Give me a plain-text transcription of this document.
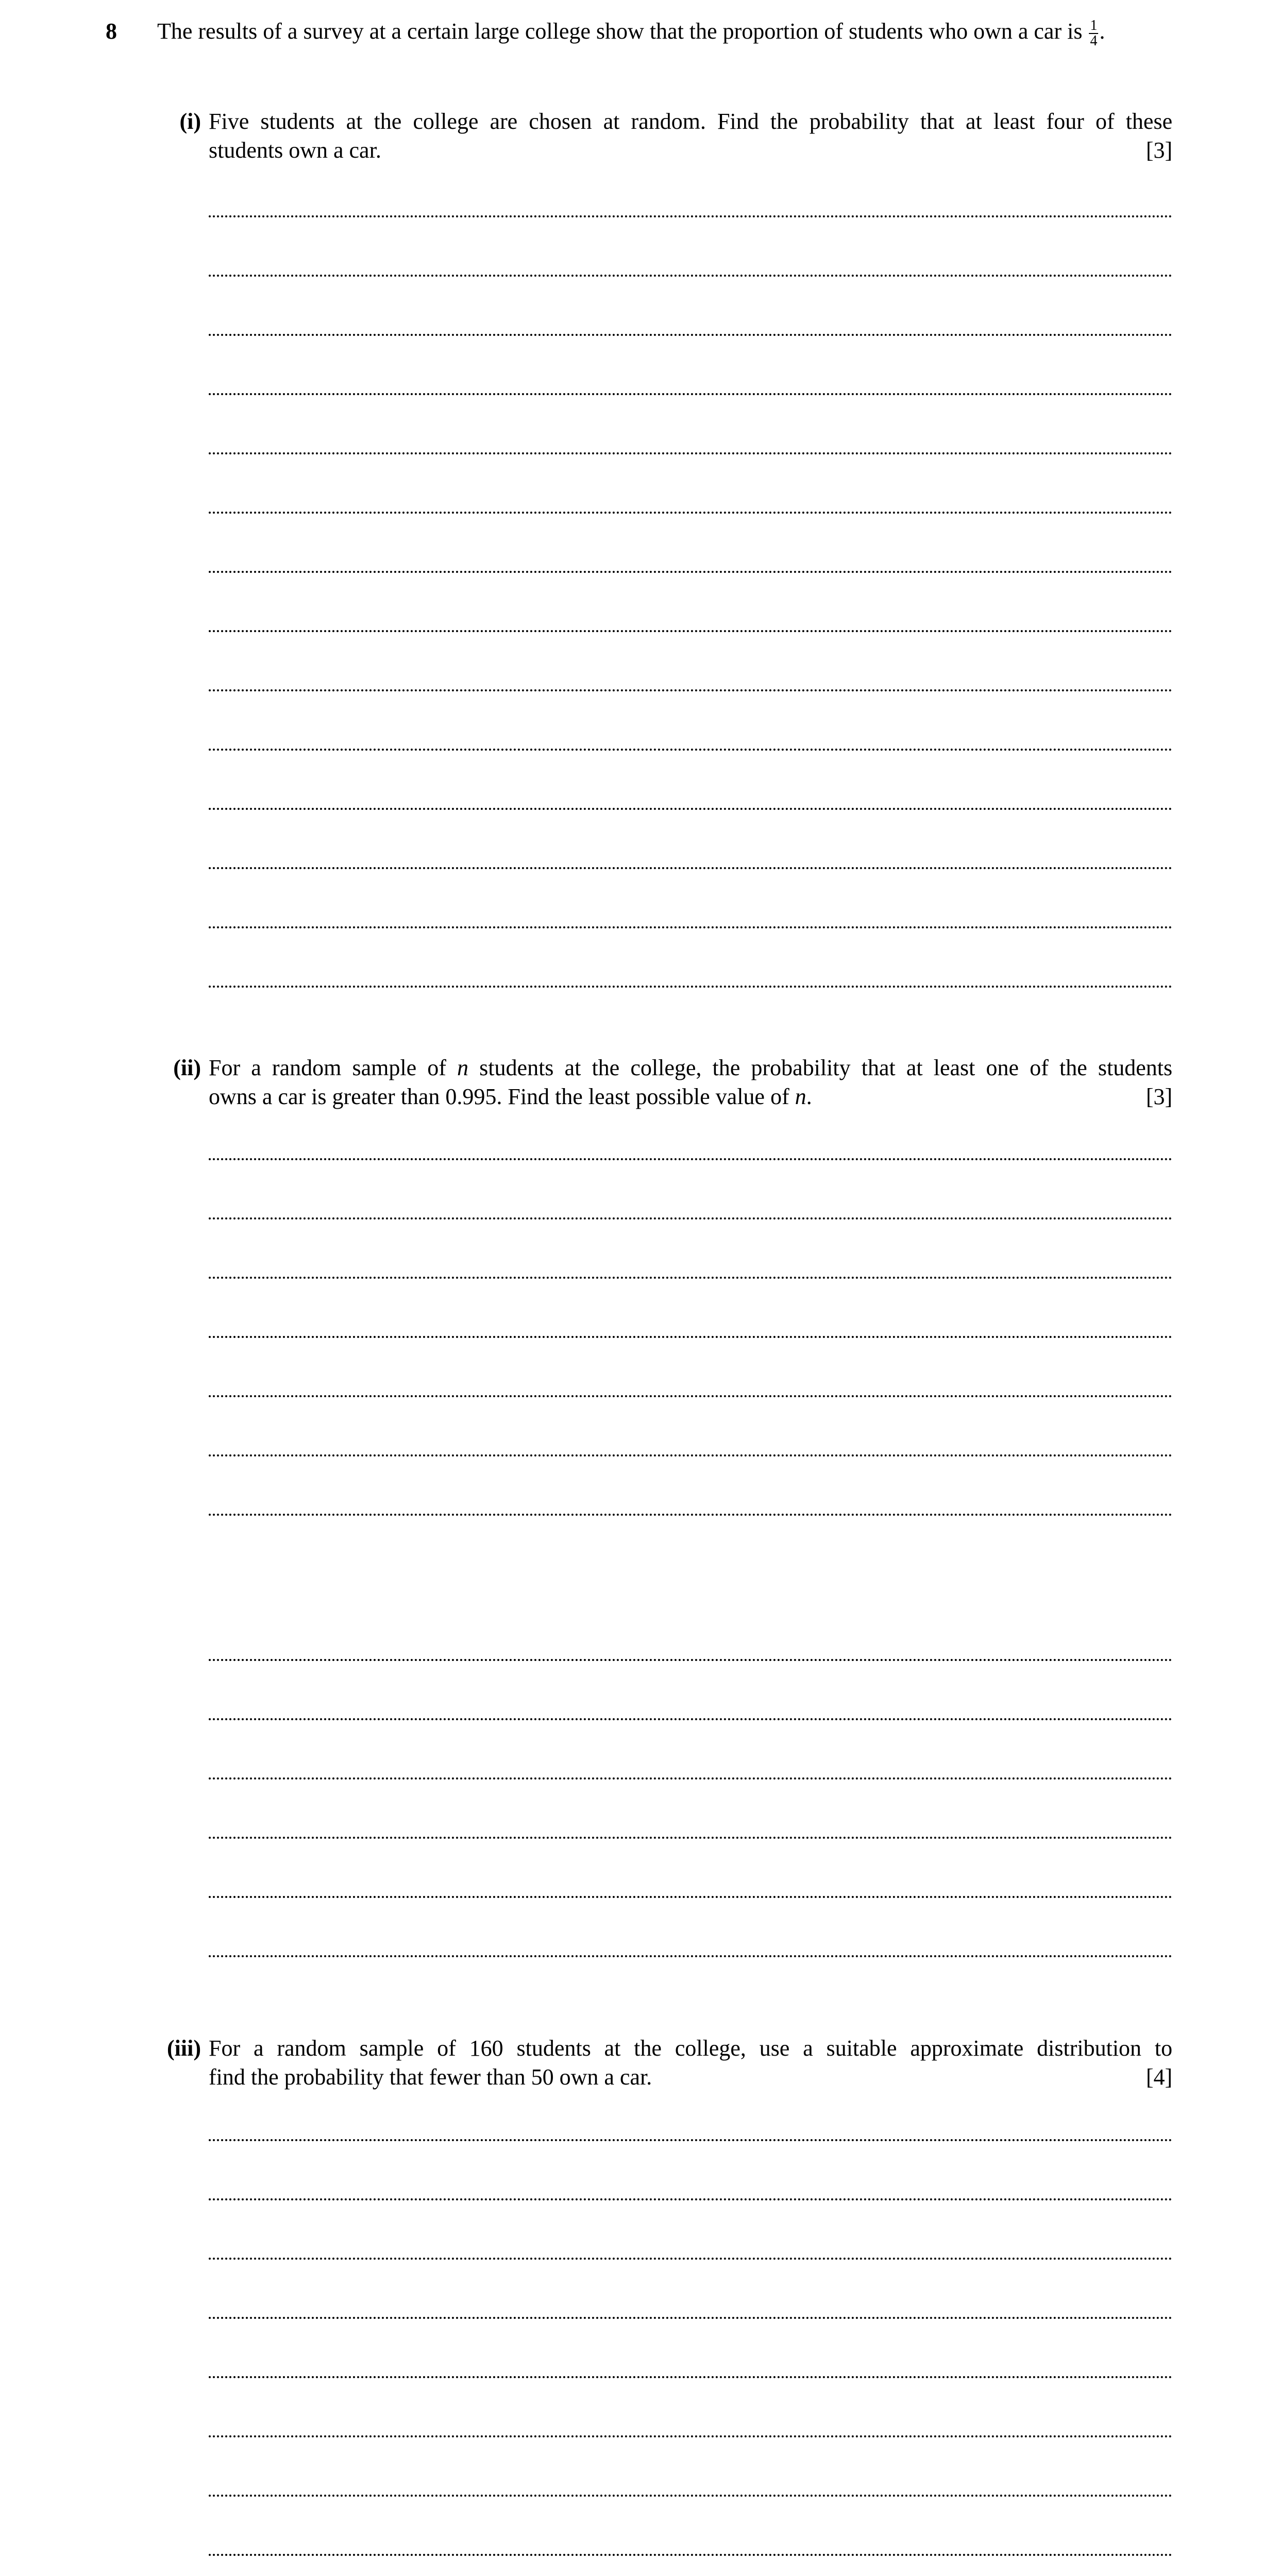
8 The results of a survey at a certain large college show that the proportion of students who own a car is $\frac{1}{4}$ .
(i) Five students at the college are chosen at random. Find the probability that at least four of these
students own a car.	[3]
(ii) For a random sample of n students at the college, the probability that at least one of the students
owns a car is greater than 0.995. Find the least possible value of n.	[3]
(iii) For a random sample of 160 students at the college, use a suitable approximate distribution to
find the probability that fewer than 50 own a car.	[4]
